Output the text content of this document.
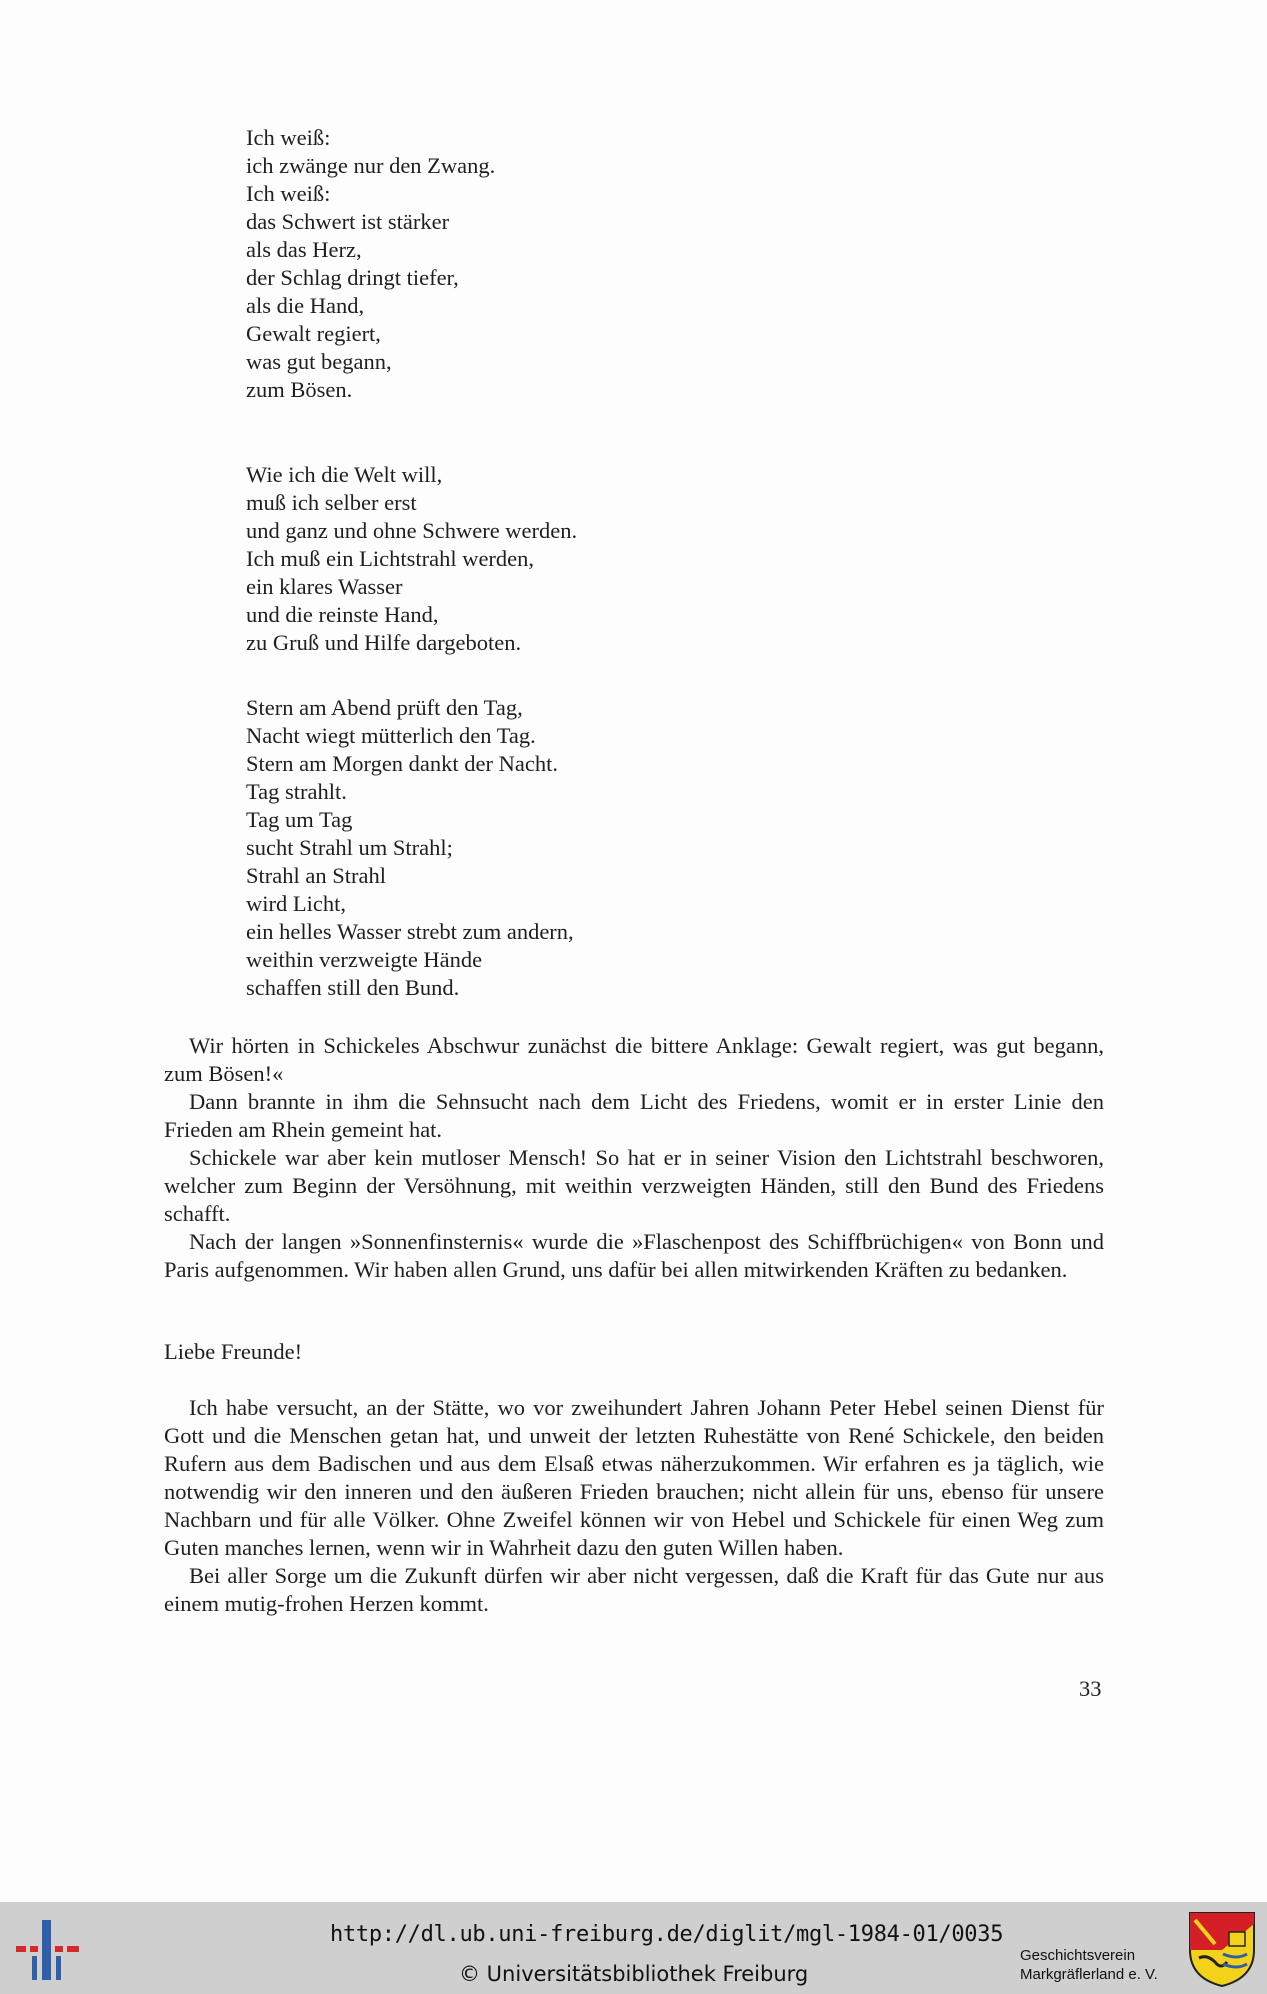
Ich weiß:
ich zwänge nur den Zwang.
Ich weiß:
das Schwert ist stärker
als das Herz,
der Schlag dringt tiefer,
als die Hand,
Gewalt regiert,
was gut begann,
zum Bösen.
Wie ich die Welt will,
muß ich selber erst
und ganz und ohne Schwere werden.
Ich muß ein Lichtstrahl werden,
ein klares Wasser
und die reinste Hand,
zu Gruß und Hilfe dargeboten.
Stern am Abend prüft den Tag,
Nacht wiegt mütterlich den Tag.
Stern am Morgen dankt der Nacht.
Tag strahlt.
Tag um Tag
sucht Strahl um Strahl;
Strahl an Strahl
wird Licht,
ein helles Wasser strebt zum andern,
weithin verzweigte Hände
schaffen still den Bund.

Wir hörten in Schickeles Abschwur zunächst die bittere Anklage: Gewalt regiert, was gut begann, zum Bösen!«

Dann brannte in ihm die Sehnsucht nach dem Licht des Friedens, womit er in erster Linie den Frieden am Rhein gemeint hat.

Schickele war aber kein mutloser Mensch! So hat er in seiner Vision den Lichtstrahl beschworen, welcher zum Beginn der Versöhnung, mit weithin verzweigten Händen, still den Bund des Friedens schafft.

Nach der langen »Sonnenfinsternis« wurde die »Flaschenpost des Schiffbrüchigen« von Bonn und Paris aufgenommen. Wir haben allen Grund, uns dafür bei allen mitwirkenden Kräften zu bedanken.

Liebe Freunde!

Ich habe versucht, an der Stätte, wo vor zweihundert Jahren Johann Peter Hebel seinen Dienst für Gott und die Menschen getan hat, und unweit der letzten Ruhestätte von René Schickele, den beiden Rufern aus dem Badischen und aus dem Elsaß etwas näherzukommen. Wir erfahren es ja täglich, wie notwendig wir den inneren und den äußeren Frieden brauchen; nicht allein für uns, ebenso für unsere Nachbarn und für alle Völker. Ohne Zweifel können wir von Hebel und Schickele für einen Weg zum Guten manches lernen, wenn wir in Wahrheit dazu den guten Willen haben.

Bei aller Sorge um die Zukunft dürfen wir aber nicht vergessen, daß die Kraft für das Gute nur aus einem mutig-frohen Herzen kommt.

33
http://dl.ub.uni-freiburg.de/diglit/mgl-1984-01/0035
© Universitätsbibliothek Freiburg
Geschichtsverein
Markgräflerland e. V.
